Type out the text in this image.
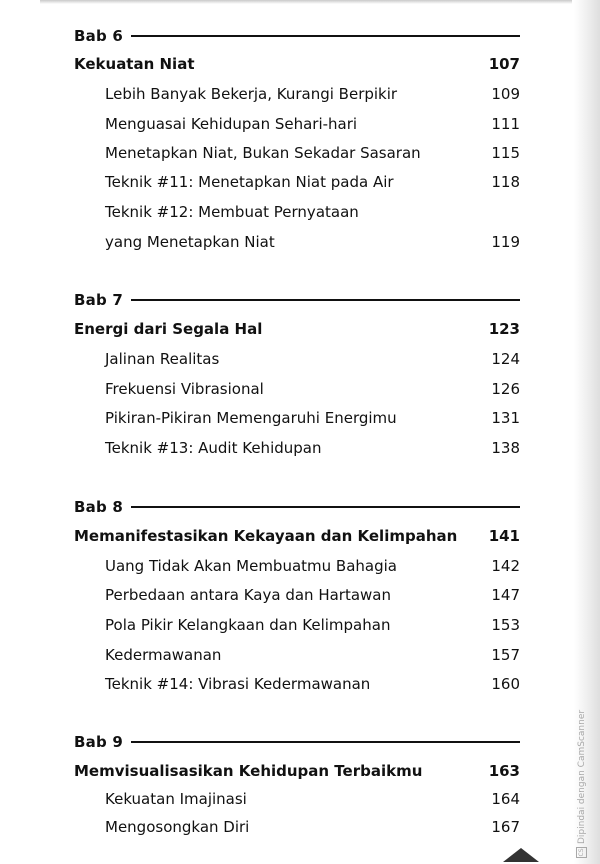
Bab 6
Kekuatan Niat	107
Lebih Banyak Bekerja, Kurangi Berpikir	109
Menguasai Kehidupan Sehari-hari	111
Menetapkan Niat, Bukan Sekadar Sasaran	115
Teknik #11: Menetapkan Niat pada Air	118
Teknik #12: Membuat Pernyataan
yang Menetapkan Niat	119
Bab 7
Energi dari Segala Hal	123
Jalinan Realitas	124
Frekuensi Vibrasional	126
Pikiran-Pikiran Memengaruhi Energimu	131
Teknik #13: Audit Kehidupan	138
Bab 8
Memanifestasikan Kekayaan dan Kelimpahan 141
Uang Tidak Akan Membuatmu Bahagia	142
Perbedaan antara Kaya dan Hartawan	147
Pola Pikir Kelangkaan dan Kelimpahan	153
Kedermawanan	157
Teknik #14: Vibrasi Kedermawanan	160
Bab 9
Memvisualisasikan Kehidupan Terbaikmu	163
Kekuatan Imajinasi	164
Mengosongkan Diri	167
CS
Dipindai dengan CamScanner
